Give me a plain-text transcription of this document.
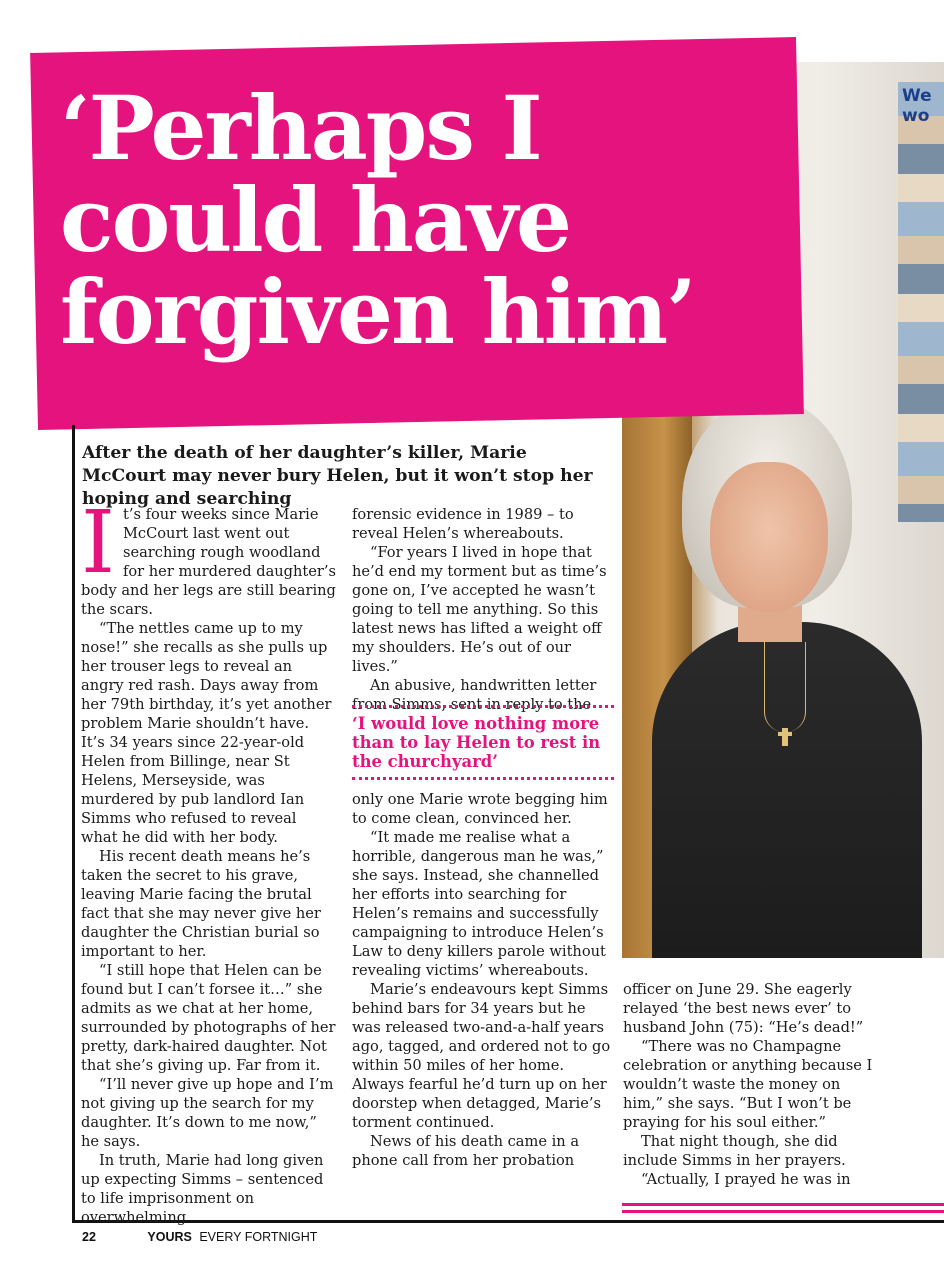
We wo
‘Perhaps I
could have
forgiven him’

After the death of her daughter’s killer, Marie McCourt may never bury Helen, but it won’t stop her hoping and searching

It’s four weeks since Marie McCourt last went out searching rough woodland for her murdered daughter’s body and her legs are still bearing the scars.

“The nettles came up to my nose!” she recalls as she pulls up her trouser legs to reveal an angry red rash. Days away from her 79th birthday, it’s yet another problem Marie shouldn’t have. It’s 34 years since 22-year-old Helen from Billinge, near St Helens, Merseyside, was murdered by pub landlord Ian Simms who refused to reveal what he did with her body.

His recent death means he’s taken the secret to his grave, leaving Marie facing the brutal fact that she may never give her daughter the Christian burial so important to her.

“I still hope that Helen can be found but I can’t forsee it…” she admits as we chat at her home, surrounded by photographs of her pretty, dark-haired daughter. Not that she’s giving up. Far from it.

“I’ll never give up hope and I’m not giving up the search for my daughter. It’s down to me now,” he says.

In truth, Marie had long given up expecting Simms – sentenced to life imprisonment on overwhelming

forensic evidence in 1989 – to reveal Helen’s whereabouts.

“For years I lived in hope that he’d end my torment but as time’s gone on, I’ve accepted he wasn’t going to tell me anything. So this latest news has lifted a weight off my shoulders. He’s out of our lives.”

An abusive, handwritten letter from Simms, sent in reply to the

‘I would love nothing more than to lay Helen to rest in the churchyard’

only one Marie wrote begging him to come clean, convinced her.

“It made me realise what a horrible, dangerous man he was,” she says. Instead, she channelled her efforts into searching for Helen’s remains and successfully campaigning to introduce Helen’s Law to deny killers parole without revealing victims’ whereabouts.

Marie’s endeavours kept Simms behind bars for 34 years but he was released two-and-a-half years ago, tagged, and ordered not to go within 50 miles of her home. Always fearful he’d turn up on her doorstep when detagged, Marie’s torment continued.

News of his death came in a phone call from her probation

officer on June 29. She eagerly relayed ‘the best news ever’ to husband John (75): “He’s dead!”

“There was no Champagne celebration or anything because I wouldn’t waste the money on him,” she says. “But I won’t be praying for his soul either.”

That night though, she did include Simms in her prayers.

“Actually, I prayed he was in

22	YOURS EVERY FORTNIGHT
